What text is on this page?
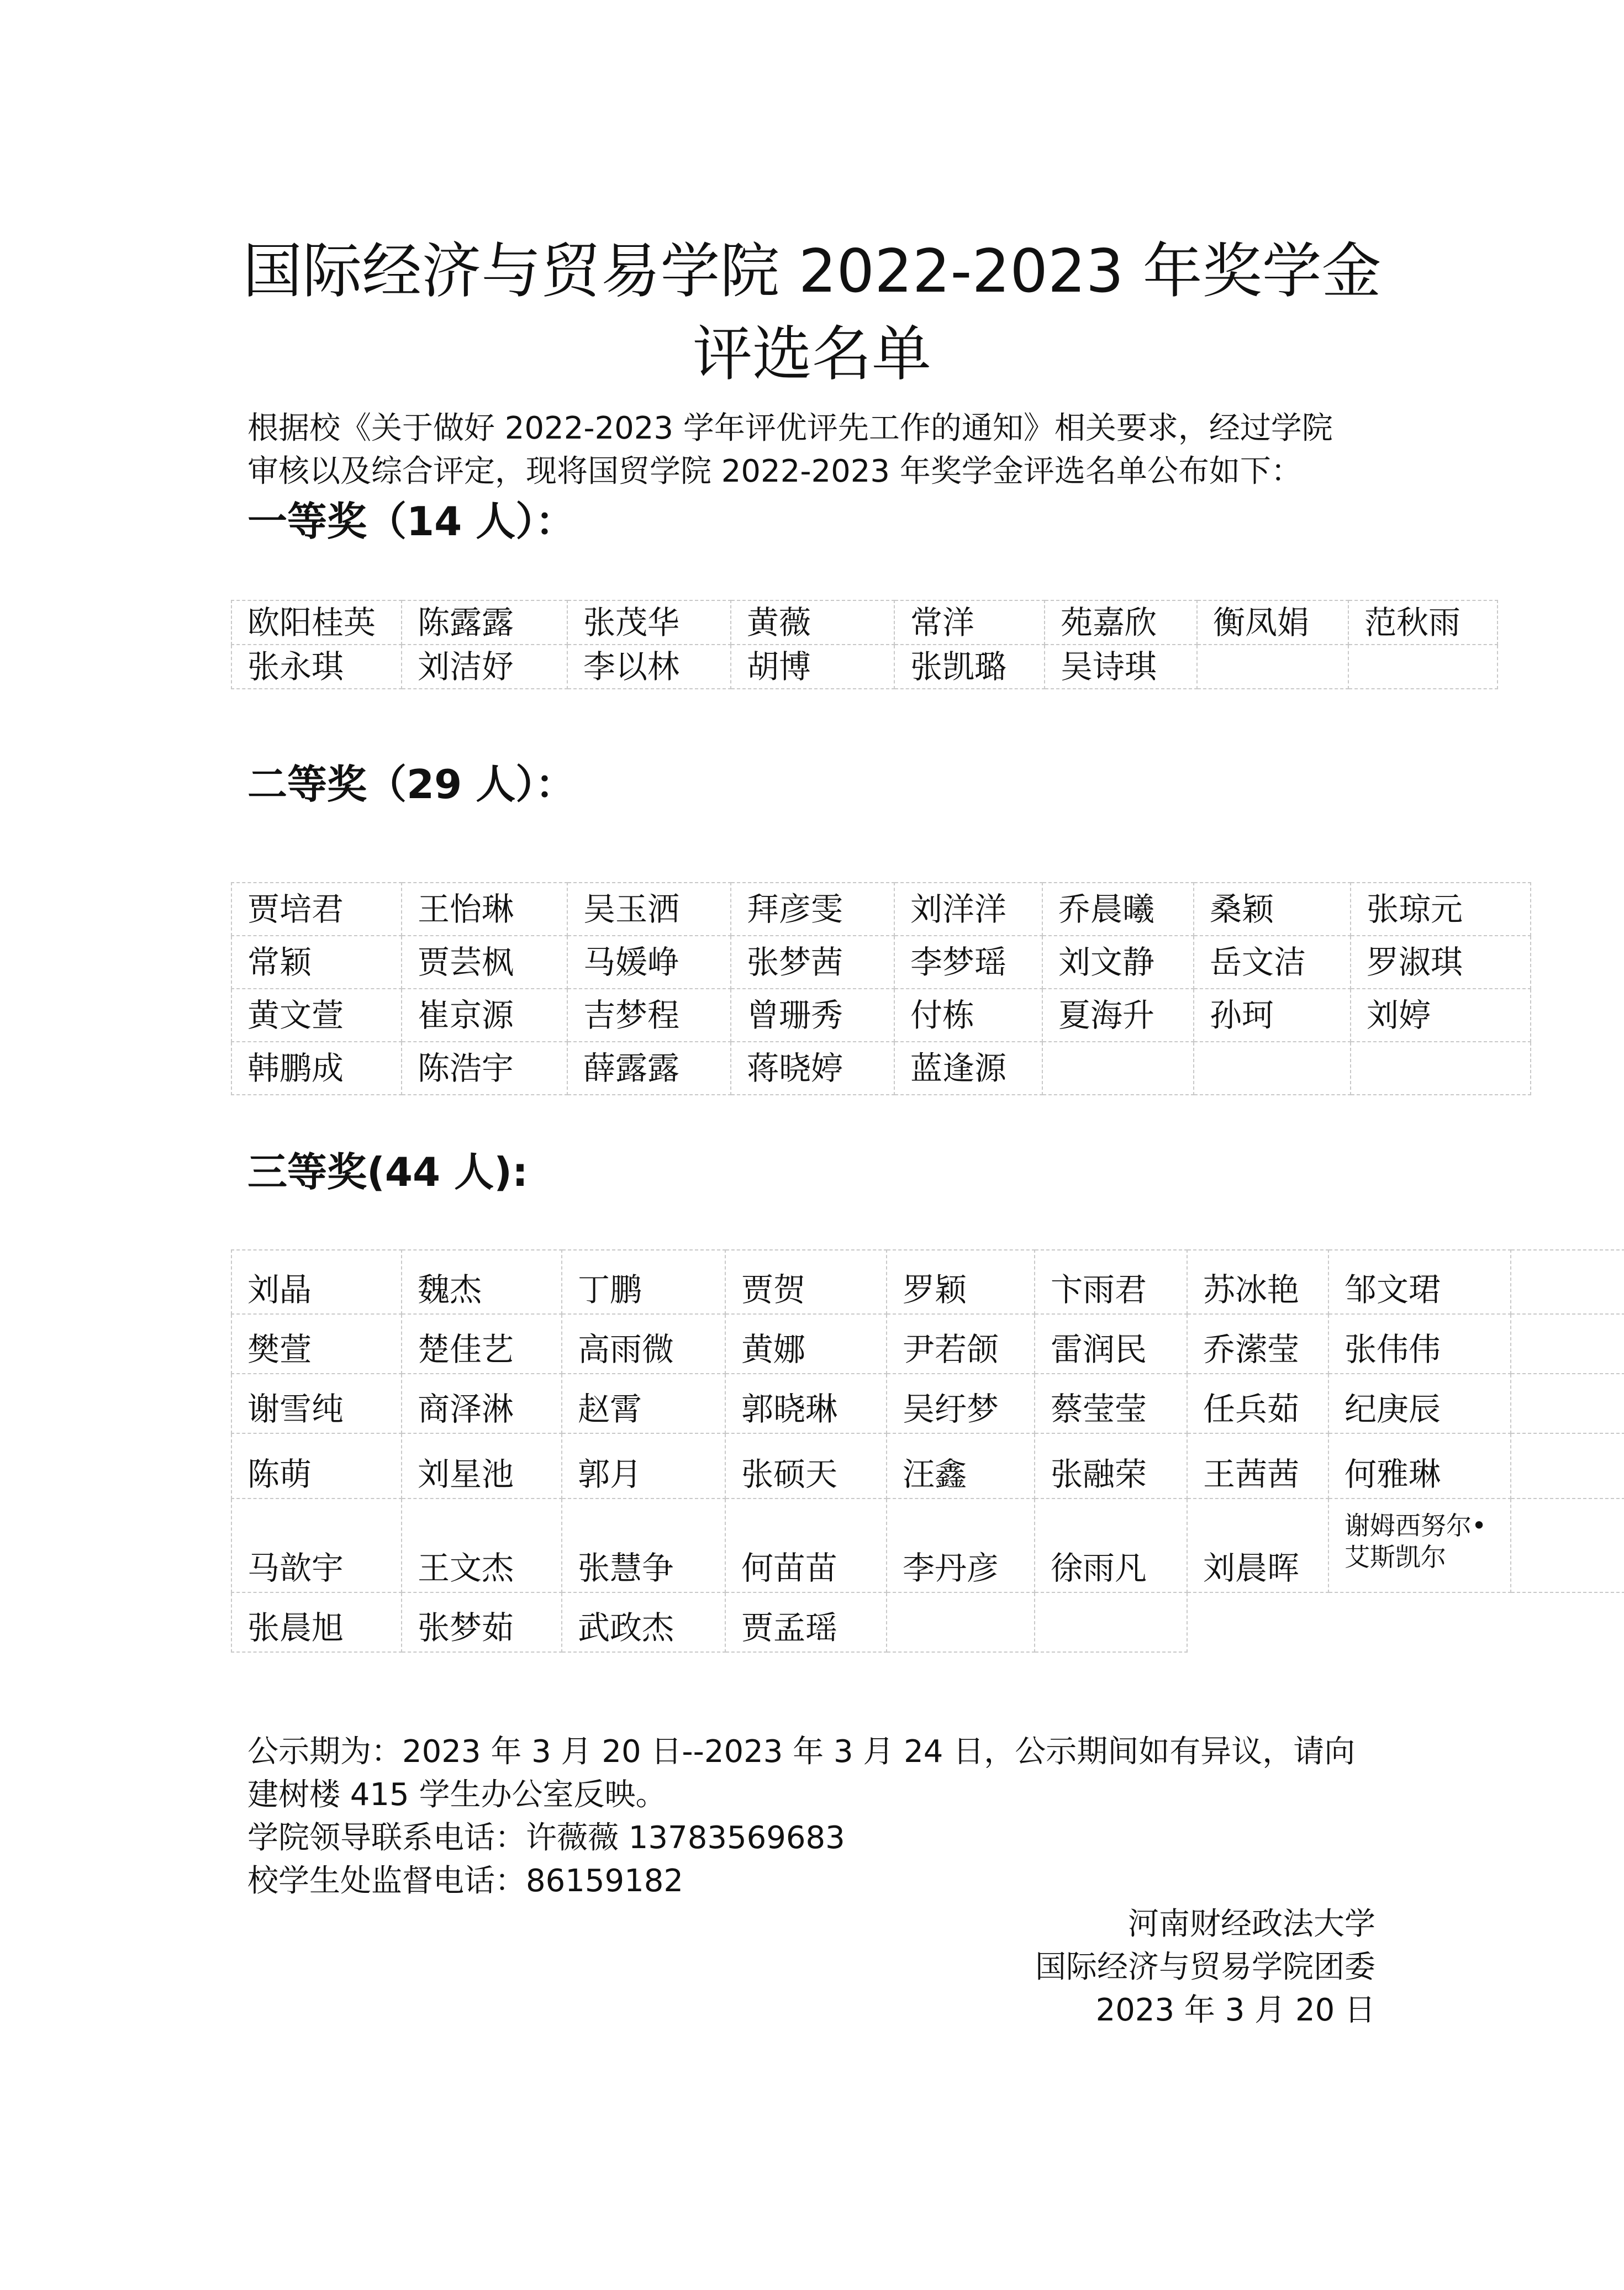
国际经济与贸易学院 2022-2023 年奖学金
评选名单
根据校《关于做好 2022-2023 学年评优评先工作的通知》相关要求，经过学院
审核以及综合评定，现将国贸学院 2022-2023 年奖学金评选名单公布如下：
一等奖（14 人）：
欧阳桂英	陈露露	张茂华	黄薇	常洋	苑嘉欣	衡凤娟	范秋雨
张永琪	刘洁妤	李以林	胡博	张凯璐	吴诗琪		
二等奖（29 人）：
贾培君	王怡琳	吴玉洒	拜彦雯	刘洋洋	乔晨曦	桑颖	张琼元
常颖	贾芸枫	马媛峥	张梦茜	李梦瑶	刘文静	岳文洁	罗淑琪
黄文萱	崔京源	吉梦程	曾珊秀	付栋	夏海升	孙珂	刘婷
韩鹏成	陈浩宇	薛露露	蒋晓婷	蓝逢源			
三等奖(44 人):
刘晶	魏杰	丁鹏	贾贺	罗颖	卞雨君	苏冰艳	邹文珺	
樊萱	楚佳艺	高雨微	黄娜	尹若颌	雷润民	乔潆莹	张伟伟	
谢雪纯	商泽淋	赵霄	郭晓琳	吴纡梦	蔡莹莹	任兵茹	纪庚辰	
陈萌	刘星池	郭月	张硕天	汪鑫	张融荣	王茜茜	何雅琳	
马歆宇	王文杰	张慧争	何苗苗	李丹彦	徐雨凡	刘晨晖	谢姆西努尔•艾斯凯尔	
张晨旭	张梦茹	武政杰	贾孟瑶					
公示期为：2023 年 3 月 20 日--2023 年 3 月 24 日，公示期间如有异议，请向
建树楼 415 学生办公室反映。
学院领导联系电话：许薇薇 13783569683
校学生处监督电话：86159182
河南财经政法大学
国际经济与贸易学院团委
2023 年 3 月 20 日
